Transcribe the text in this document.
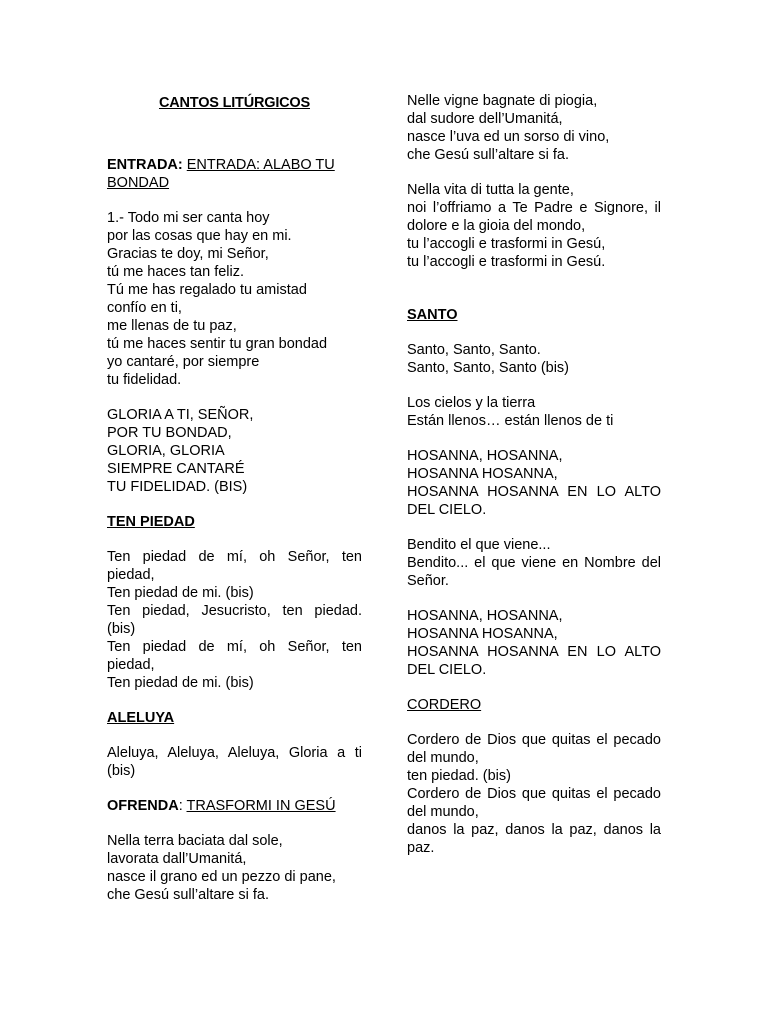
CANTOS LITÚRGICOS

ENTRADA: ENTRADA: ALABO TU
BONDAD

1.- Todo mi ser canta hoy

por las cosas que hay en mi.

Gracias te doy, mi Señor,

tú me haces tan feliz.

Tú me has regalado tu amistad

confío en ti,

me llenas de tu paz,

tú me haces sentir tu gran bondad

yo cantaré, por siempre

tu fidelidad.

GLORIA A TI, SEÑOR,

POR TU BONDAD,

GLORIA, GLORIA

SIEMPRE CANTARÉ

TU FIDELIDAD. (BIS)

TEN PIEDAD

Ten piedad de mí, oh Señor, ten

piedad,

Ten piedad de mi. (bis)

Ten piedad, Jesucristo, ten piedad.

(bis)

Ten piedad de mí, oh Señor, ten

piedad,

Ten piedad de mi. (bis)

ALELUYA

Aleluya, Aleluya, Aleluya, Gloria a ti

(bis)

OFRENDA: TRASFORMI IN GESÚ

Nella terra baciata dal sole,

lavorata dall’Umanitá,

nasce il grano ed un pezzo di pane,

che Gesú sull’altare si fa.

Nelle vigne bagnate di piogia,

dal sudore dell’Umanitá,

nasce l’uva ed un sorso di vino,

che Gesú sull’altare si fa.

Nella vita di tutta la gente,

noi l’offriamo a Te Padre e Signore, il

dolore e la gioia del mondo,

tu l’accogli e trasformi in Gesú,

tu l’accogli e trasformi in Gesú.

SANTO

Santo, Santo, Santo.

Santo, Santo, Santo (bis)

Los cielos y la tierra

Están llenos… están llenos de ti

HOSANNA, HOSANNA,

HOSANNA HOSANNA,

HOSANNA HOSANNA EN LO ALTO

DEL CIELO.

Bendito el que viene...

Bendito... el que viene en Nombre del

Señor.

HOSANNA, HOSANNA,

HOSANNA HOSANNA,

HOSANNA HOSANNA EN LO ALTO

DEL CIELO.

CORDERO

Cordero de Dios que quitas el pecado

del mundo,

ten piedad. (bis)

Cordero de Dios que quitas el pecado

del mundo,

danos la paz, danos la paz, danos la

paz.
